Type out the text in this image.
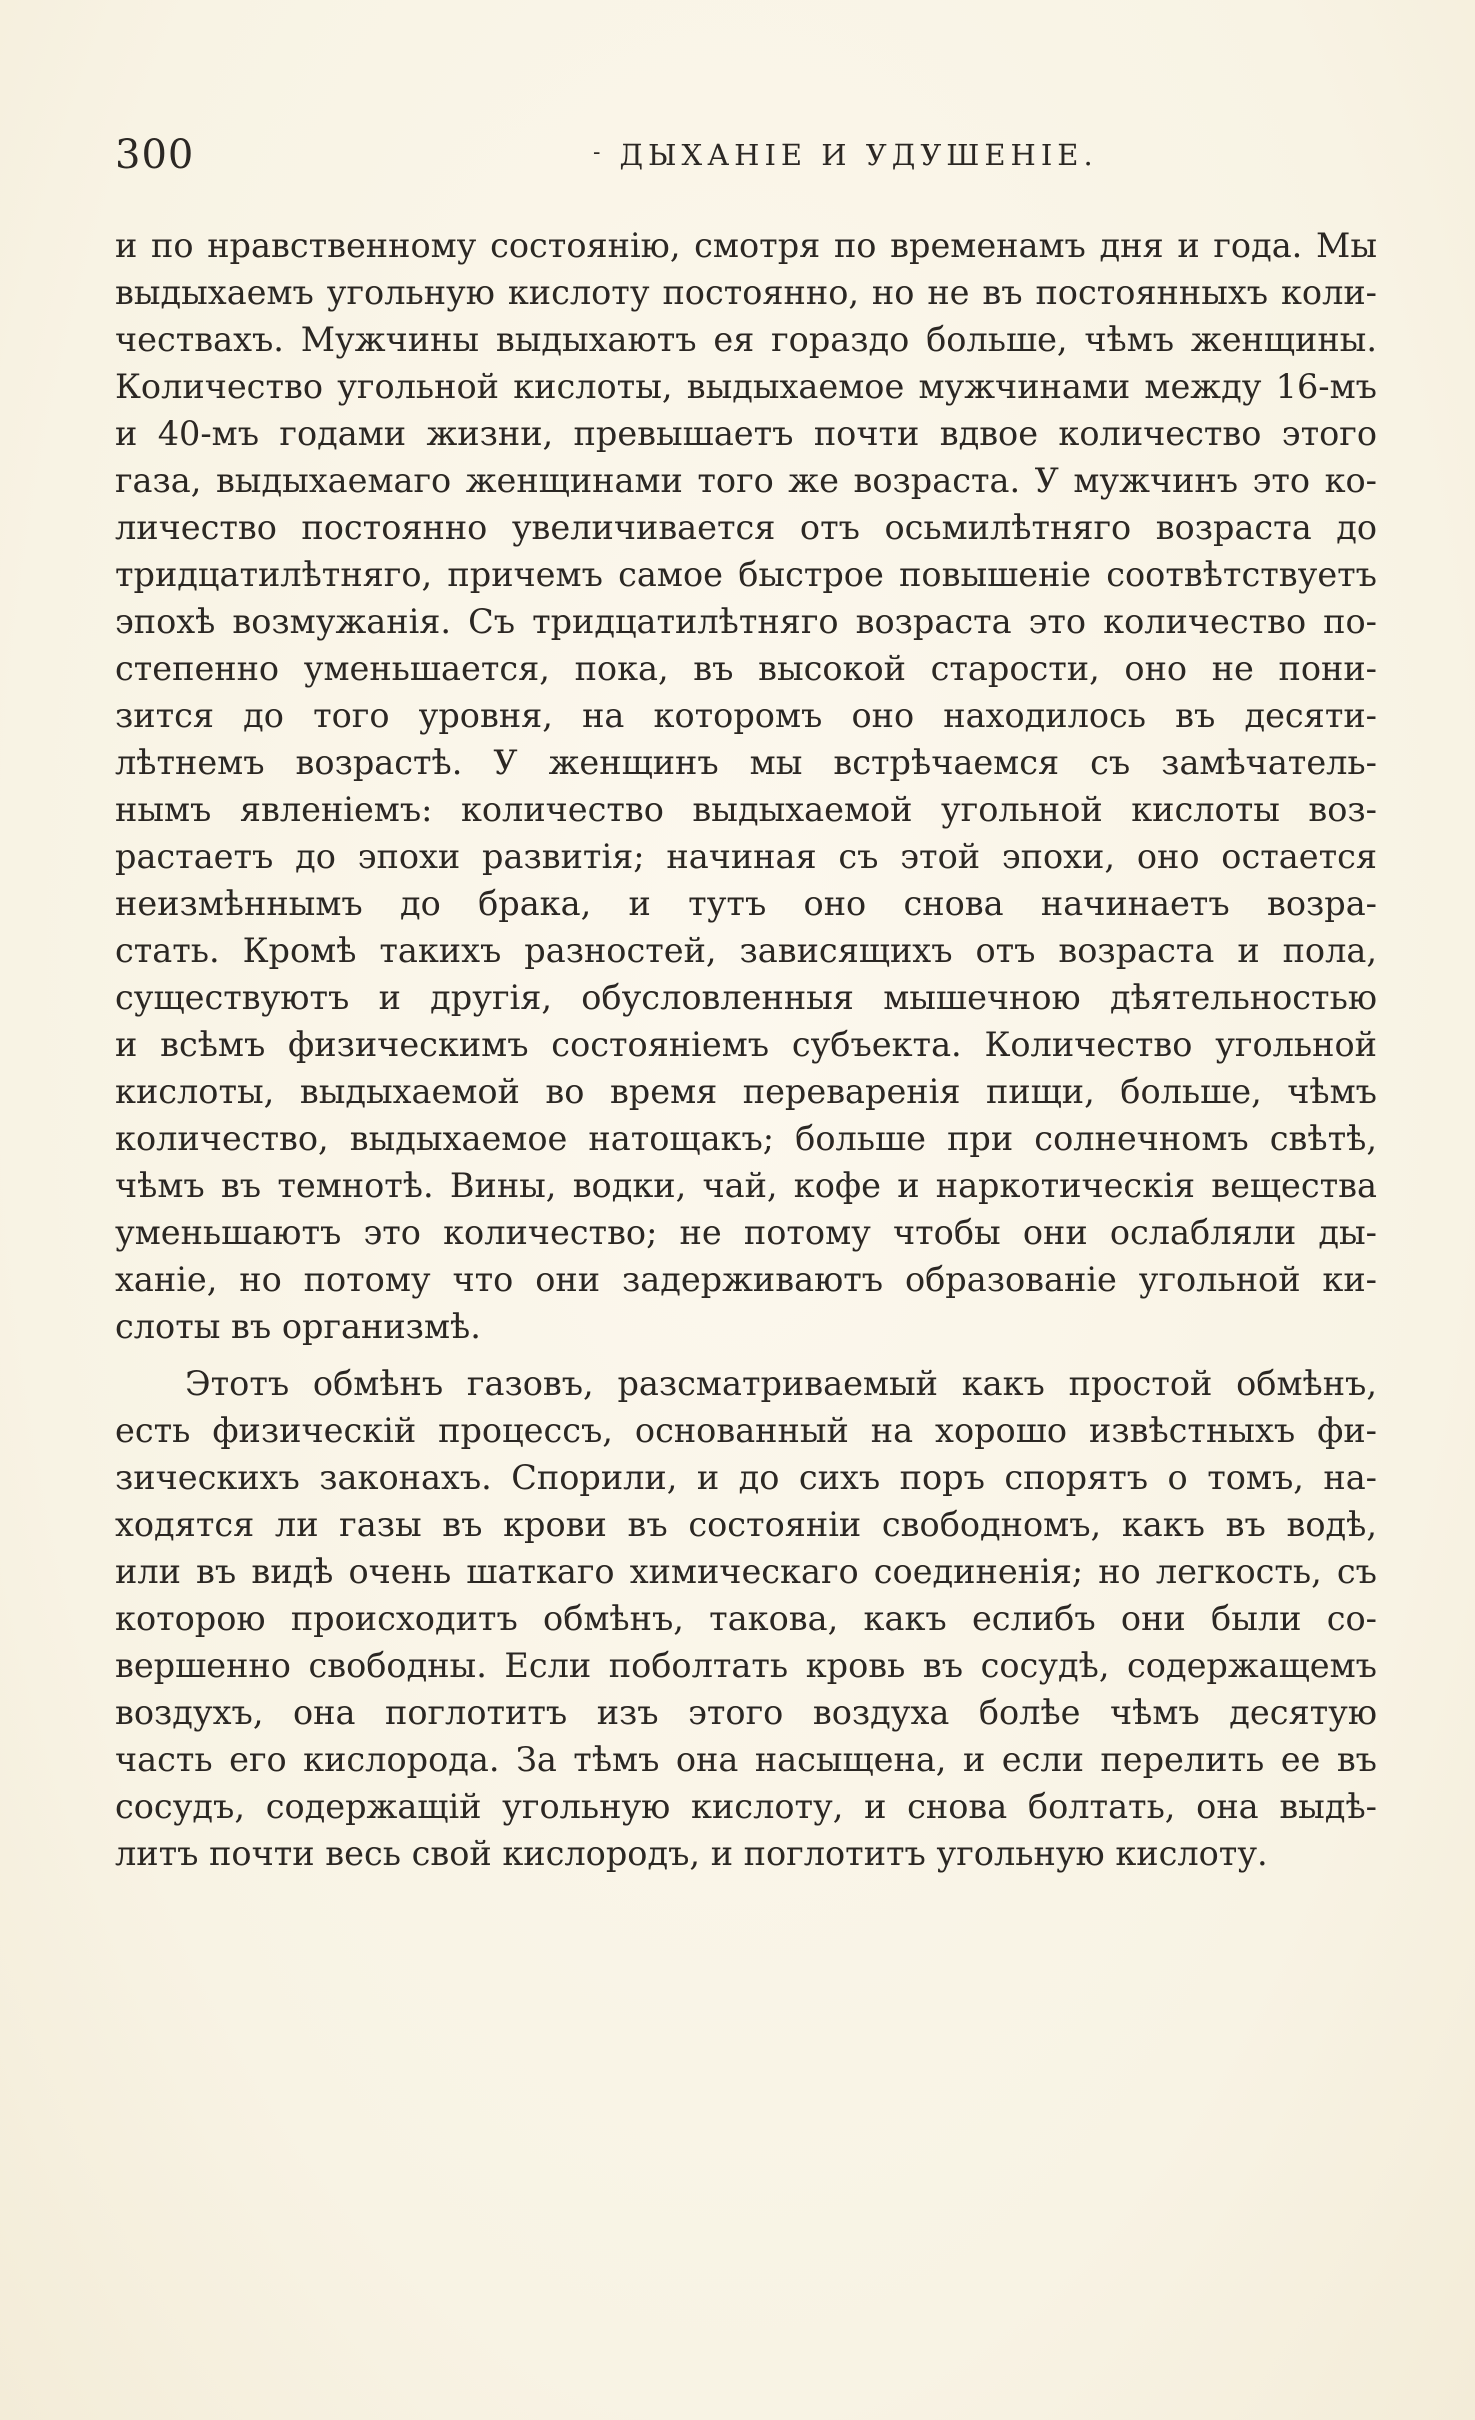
300	- ДЫХАНІЕ И УДУШЕНІЕ.
и по нравственному состоянію, смотря по временамъ дня и года. Мы
выдыхаемъ угольную кислоту постоянно, но не въ постоянныхъ коли-
чествахъ. Мужчины выдыхаютъ ея гораздо больше, чѣмъ женщины.
Количество угольной кислоты, выдыхаемое мужчинами между 16-мъ
и 40-мъ годами жизни, превышаетъ почти вдвое количество этого
газа, выдыхаемаго женщинами того же возраста. У мужчинъ это ко-
личество постоянно увеличивается отъ осьмилѣтняго возраста до
тридцатилѣтняго, причемъ самое быстрое повышеніе соотвѣтствуетъ
эпохѣ возмужанія. Съ тридцатилѣтняго возраста это количество по-
степенно уменьшается, пока, въ высокой старости, оно не пони-
зится до того уровня, на которомъ оно находилось въ десяти-
лѣтнемъ возрастѣ. У женщинъ мы встрѣчаемся съ замѣчатель-
нымъ явленіемъ: количество выдыхаемой угольной кислоты воз-
растаетъ до эпохи развитія; начиная съ этой эпохи, оно остается
неизмѣннымъ до брака, и тутъ оно снова начинаетъ возра-
стать. Кромѣ такихъ разностей, зависящихъ отъ возраста и пола,
существуютъ и другія, обусловленныя мышечною дѣятельностью
и всѣмъ физическимъ состояніемъ субъекта. Количество угольной
кислоты, выдыхаемой во время переваренія пищи, больше, чѣмъ
количество, выдыхаемое натощакъ; больше при солнечномъ свѣтѣ,
чѣмъ въ темнотѣ. Вины, водки, чай, кофе и наркотическія вещества
уменьшаютъ это количество; не потому чтобы они ослабляли ды-
ханіе, но потому что они задерживаютъ образованіе угольной ки-
слоты въ организмѣ.
Этотъ обмѣнъ газовъ, разсматриваемый какъ простой обмѣнъ,
есть физическій процессъ, основанный на хорошо извѣстныхъ фи-
зическихъ законахъ. Спорили, и до сихъ поръ спорятъ о томъ, на-
ходятся ли газы въ крови въ состояніи свободномъ, какъ въ водѣ,
или въ видѣ очень шаткаго химическаго соединенія; но легкость, съ
которою происходитъ обмѣнъ, такова, какъ еслибъ они были со-
вершенно свободны. Если поболтать кровь въ сосудѣ, содержащемъ
воздухъ, она поглотитъ изъ этого воздуха болѣе чѣмъ десятую
часть его кислорода. За тѣмъ она насыщена, и если перелить ее въ
сосудъ, содержащій угольную кислоту, и снова болтать, она выдѣ-
литъ почти весь свой кислородъ, и поглотитъ угольную кислоту.
